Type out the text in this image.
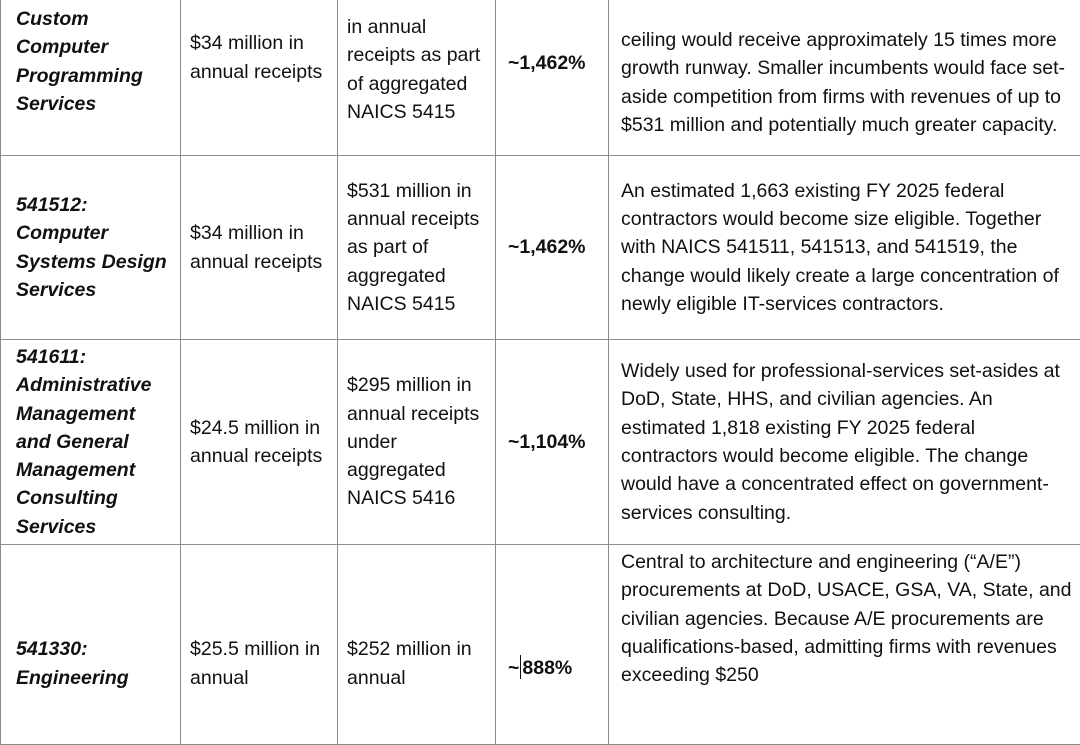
Custom Computer Programming Services	$34 million in annual receipts	in annual receipts as part of aggregated NAICS 5415	~1,462%	ceiling would receive approximately 15 times more growth runway. Smaller incumbents would face set-aside competition from firms with revenues of up to $531 million and potentially much greater capacity.

541512: Computer Systems Design Services	$34 million in annual receipts	$531 million in annual receipts as part of aggregated NAICS 5415	~1,462%	An estimated 1,663 existing FY 2025 federal contractors would become size eligible. Together with NAICS 541511, 541513, and 541519, the change would likely create a large concentration of newly eligible IT-services contractors.

541611: Administrative Management and General Management Consulting Services	$24.5 million in annual receipts	$295 million in annual receipts under aggregated NAICS 5416	~1,104%	Widely used for professional-services set-asides at DoD, State, HHS, and civilian agencies. An estimated 1,818 existing FY 2025 federal contractors would become eligible. The change would have a concentrated effect on government-services consulting.

541330: Engineering	$25.5 million in annual	$252 million in annual	~ 888%	Central to architecture and engineering (“A/E”) procurements at DoD, USACE, GSA, VA, State, and civilian agencies. Because A/E procurements are qualifications-based, admitting firms with revenues exceeding $250
